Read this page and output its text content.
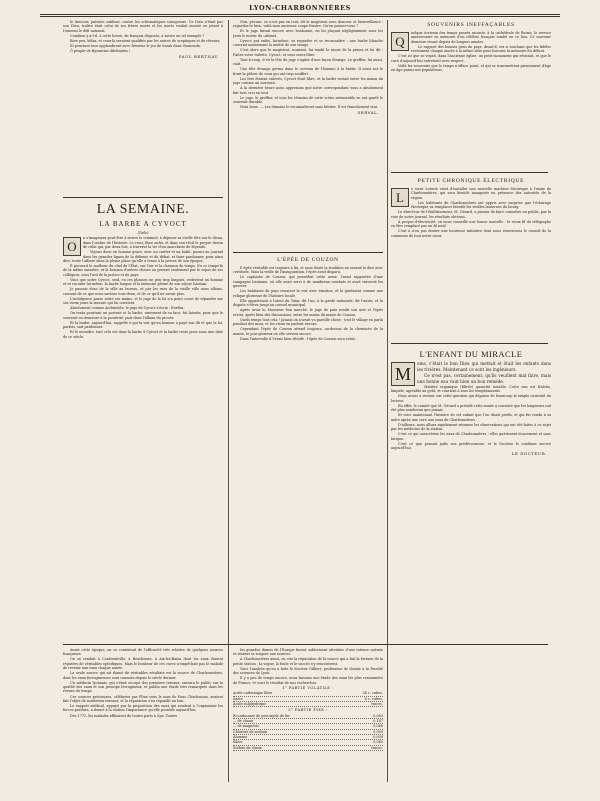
LYON-CHARBONNIÈRES

le dressoir, patriote sublime, contre les schismatiques vainqueurs. Ce Dieu n'était pas son Dieu, traître était celui de ses frères morts et les morts voulait mourir en jetant à l'ennemi le défi national.

Combien y a-t-il, à cette heure, de français disposés, à suivre un tel exemple ?

Bien peu, hélas, et ceux-là seraient qualifiés par les autres de sceptiques et de rêveurs.

Et pourtant tous applaudiront avec frénésie le jeu de Sarah dans Gismonda.

Ô peuple de Byzantins dilettantes !

PAUL BERTNAY.
LA SEMAINE.
LA BARBE A CYVOCT
(Toile)
O

n s'imaginera peut-être à suivre le criminel, à déposer sa vieille tête sur le divan, dans l'ombre de l'histoire. Le voici, libre enfin, et dans son récit le propre destin de celui qui, par deux fois, a traversé la vie d'un anarchiste de légende.

Voyons donc un homme grave, avec un cartier et un habit, passer au journal dans les grandes lignes de la défense et du débat, et faire pardonner, pour ainsi dire, toute l'affaire dans la pleine place qu'elle a tenue à la presse de son époque.

Il prouvait le malheur du chef de l'État, sur l'air et la chanson du temps. En ce temps-là de la même manière, et la boisson d'autres choses on prenait seulement par le repos de ses collègues, sous l'œil de la justice et du pays.

Voici que notre Cyvoct, seul, en ces phrases un peu trop longues, redevient un homme et se raconte lui-même, la barbe longue et la mémoire pleine de son séjour lointain.

Je passais donc de la ville au bureau, et par les rues de la vieille ville nous allions, causant de ce que nous savions tous deux, et de ce qu'il ne savait plus.

L'indulgence passe entre ses mains, et le juge de la loi n'a point cessé de répandre sur ses vieux jours la mesure qui lui convient.

Absolument comme Archimède, le juge de Cyvoct s'écria : Eurêka.

On tenta pourtant un portrait et la barbe, ornement de sa face, fut laissée, pour que le souvenir en demeure à la postérité, puis dans l'album du procès.

Et la barbe, aujourd'hui, rappelle à qui la voit qu'un homme a payé son dû et que la loi, parfois, sait pardonner.

Et le moindre, tout cela est dans la barbe à Cyvoct et la barbe reste pour nous une date de ce siècle.

Avant cette époque, on se contentait de l'efficacité très relative de quelques sources françaises.

On se rendait à Contrexéville, à Bourbonne, à Aix-les-Bains dont les eaux étaient réputées de véritables spécifiques. Mais le bonheur de ces cures n'empêchait pas le malade de revenir aux eaux chaque année.

La seule source qui ait donné de véritables résultats est la source de Charbonnières, dont les eaux ferrugineuses sont connues depuis le siècle dernier.

Un médecin lyonnais, qui s'était occupé des premiers travaux, rassura le public sur la qualité des eaux et son principe ferrugineux, et publia une étude très remarquée dans les revues du temps.

Ces sources précieuses, célébrées par Pline sous le nom de Fons Charbonum, avaient fait l'objet de nombreux travaux, et la réputation s'en répandit au loin.

Le rapport médical, appuyé par la proposition des eaux qui rendent à l'organisme les forces perdues, a donné à la station l'importance qu'elle possède aujourd'hui.

Dès 1772, les malades affluaient de toutes parts à Spa. Toutes

Non, pécuse, ce n'est pas en tout, dit le magistrat avec douceur et bienveillance : regardez-le bien, voilà mon ancienne coupe frustre. Qu'en pensez-vous ?

Et le juge faisait encore avec bonhomie, en lui plaçant négligemment sous les yeux le miroir du cabinet.

Cyvoct put enfin, lui-même, se regarder et se reconnaître : une barbe blanche couvrait maintenant la moitié de son visage.

C'est alors que le magistrat, souriant, lui tendit le rasoir de la prison et lui dit : Faites votre toilette, Cyvoct, et vous serez libre.

Tout-à-coup, il vit la tête du juge s'agiter d'une façon étrange. Le greffier, lui aussi, riait.

Une tête étrange germa dans le cerveau de l'homme à la barbe. Il avait sur le front la pâleur de ceux qui ont trop souffert.

Les fers étaient enlevés, Cyvoct était libre, et la barbe restait entre les mains du juge comme un souvenir.

À la dernière heure nous apprenons que notre correspondant vous a absolument fait tout ceci en tout.

Le juge, le greffier, et tous les témoins de cette scène mémorable en ont gardé le souvenir durable.

Nota bene. — Les témoins le reconnaîtront sans hésiter. Il est franchement vrai.

SERVAL.
L'ÉPÉE DE COUZON

Il épée véritable est toujours à fin, et sans doute la tradition ne saurait le dire avec certitude. Mais la veille de l'inauguration, l'épée avait disparu.

Le capitaine de Couzon, qui possédait cette arme, l'avait rapportée d'une campagne lointaine, où elle avait servi à de nombreux combats et avait traversé les guerres.

Les habitants du pays venaient la voir avec émotion, et la gardaient comme une relique glorieuse de l'histoire locale.

Elle appartenait à l'aïeul du Tatar, dit l'un, à la garde nationale, dit l'autre, et la dispute s'éleva jusqu'au conseil municipal.

Après avoir lu Monsieur bon marché, le juge de paix rendit son avis et l'épée revint, après bien des discussions, entre les mains du maire de Couzon.

Quels temps tout cela ! Jamais on n'avait vu pareille chose ; tout le village en parla pendant des mois, et les vieux en parlent encore.

Cependant l'épée de Couzon attend toujours, au-dessus de la cheminée de la mairie, le jour glorieux où elle servira encore.

Dans l'intervalle il l'avait bien décidé : l'épée de Couzon sera reine.

les grandes dames de l'Europe furent subitement atteintes d'une intense anémie et vinrent se soigner aux sources.

À Charbonnières aussi, on cite la réputation de la source qui a fait la fortune de la petite station ; la vogue, la foule et le succès s'y rencontrent.

Voici l'analyse qu'en a faite le docteur Gilbert, professeur de chimie à la Faculté des sciences de Lyon.

Il y a peu de temps encore, nous faisions une étude des eaux les plus renommées de France, et voici le résultat de nos recherches.

1° PARTIE VOLATILE :
Acide carbonique libre	34 c. cubes.
Azote	6 c. cubes.
Acide sulphydrique	traces.
2° PARTIE FIXE :
Bi-carbonate de protoxyde de fer	0,063
— de chaux	0,187
— de magnésie	0,046
Chlorure de sodium	0,009
Alumine	0,009
Silice	0,040
Sulfate de chaux	traces.
SOUVENIRS INEFFAÇABLES
Q

uelque écrivain des temps passés raconte, à la cathédrale de Reims, le service anniversaire en mémoire d'un célèbre français tombé en ce lieu. Ce souvenir demeure vivant depuis de longues années.

Le rapport des bonnes gens du pays, disait-il, est si touchant que les fidèles reviennent chaque année à la même date pour honorer la mémoire du défunt.

C'est ici que se voyait, dans l'ancienne église, un petit monument qui résistait, et que le curé d'aujourd'hui entretient avec respect.

Voilà les souvenirs que le temps n'efface point, et qui se transmettent pieusement d'âge en âge parmi nos populations.

PETITE CHRONIQUE ÉLECTRIQUE
L

e sieur Loterie vient d'installer une nouvelle machine électrique à l'usine de Charbonnières, qui sera bientôt inaugurée en présence des autorités de la région.

Les habitants de Charbonnières ont appris avec surprise que l'éclairage électrique va remplacer bientôt les vieilles lanternes du bourg.

Le directeur de l'établissement, M. Gérard, a promis de faire connaître au public, par la voie de notre journal, les résultats obtenus.

À propos d'électricité, on nous conseille une bonne nouvelle : le vieux fil du télégraphe va être remplacé par un fil neuf.

C'est à n'en pas douter une heureuse initiative dont nous remercions le conseil de la commune de tout notre cœur.

L'ENFANT DU MIRACLE
M

oins, c'était le bon Dieu qui mettait et ôtait les enfants dans les rivières. Maintenant ce sont les ingénieurs.

Ce n'est pas, certainement, qu'ils veuillent mal faire, mais une bonne eau vaut bien un bon remède.

Matière organique (filtrée) quantité notable. Cette eau est fraîche, limpide, agréable au goût, et convient à tous les tempéraments.

Nous avons à revenir sur cette question qui dépasse de beaucoup la simple curiosité du lecteur.

En effet, le comité que M. Gérard a présidé cette année a constaté que les baigneurs ont été plus nombreux que jamais.

Et voici maintenant l'histoire de cet enfant que l'on disait perdu, et qui fut rendu à sa mère après une cure aux eaux de Charbonnières.

D'ailleurs, nous allons rapidement résumer les observations qui ont été faites à ce sujet par les médecins de la station.

C'est ce qui caractérise les eaux de Charbonnières : elles guérissent doucement et sans fatigue.

C'est ce que pensait jadis nos prédécesseurs, et le Docteur le confirme encore aujourd'hui.

LE DOCTEUR.
